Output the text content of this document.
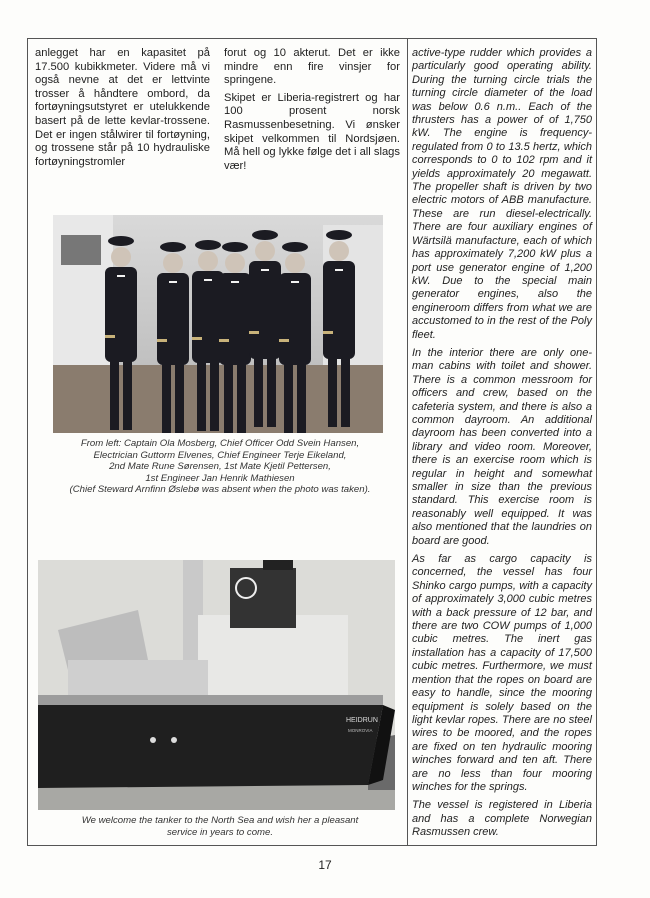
anlegget har en kapasitet på 17.500 kubikkmeter. Videre må vi også nevne at det er lettvinte trosser å håndtere ombord, da fortøyningsutstyret er utelukkende basert på de lette kevlar-trossene. Det er ingen stålwirer til fortøyning, og trossene står på 10 hydrauliske fortøyningstromler

forut og 10 akterut. Det er ikke mindre enn fire vinsjer for springene.

Skipet er Liberia-registrert og har 100 prosent norsk Rasmussenbesetning. Vi ønsker skipet velkommen til Nordsjøen. Må hell og lykke følge det i all slags vær!

active-type rudder which provides a particularly good operating ability. During the turning circle trials the turning circle diameter of the load was below 0.6 n.m.. Each of the thrusters has a power of of 1,750 kW. The engine is frequency-regulated from 0 to 13.5 hertz, which corresponds to 0 to 102 rpm and it yields approximately 20 megawatt. The propeller shaft is driven by two electric motors of ABB manufacture. These are run diesel-electrically. There are four auxiliary engines of Wärtsilä manufacture, each of which has approximately 7,200 kW plus a port use generator engine of 1,200 kW. Due to the special main generator engines, also the engineroom differs from what we are accustomed to in the rest of the Poly fleet.

In the interior there are only one-man cabins with toilet and shower. There is a common messroom for officers and crew, based on the cafeteria system, and there is also a common dayroom. An additional dayroom has been converted into a library and video room. Moreover, there is an exercise room which is regular in height and somewhat smaller in size than the previous standard. This exercise room is reasonably well equipped. It was also mentioned that the laundries on board are good.

As far as cargo capacity is concerned, the vessel has four Shinko cargo pumps, with a capacity of approximately 3,000 cubic metres with a back pressure of 12 bar, and there are two COW pumps of 1,000 cubic metres. The inert gas installation has a capacity of 17,500 cubic metres. Furthermore, we must mention that the ropes on board are easy to handle, since the mooring equipment is solely based on the light kevlar ropes. There are no steel wires to be moored, and the ropes are fixed on ten hydraulic mooring winches forward and ten aft. There are no less than four mooring winches for the springs.

The vessel is registered in Liberia and has a complete Norwegian Rasmussen crew.

From left: Captain Ola Mosberg, Chief Officer Odd Svein Hansen,
Electrician Guttorm Elvenes, Chief Engineer Terje Eikeland,
2nd Mate Rune Sørensen, 1st Mate Kjetil Pettersen,
1st Engineer Jan Henrik Mathiesen
(Chief Steward Arnfinn Øslebø was absent when the photo was taken).
HEIDRUN
MONROVIA
We welcome the tanker to the North Sea and wish her a pleasant
service in years to come.
17
